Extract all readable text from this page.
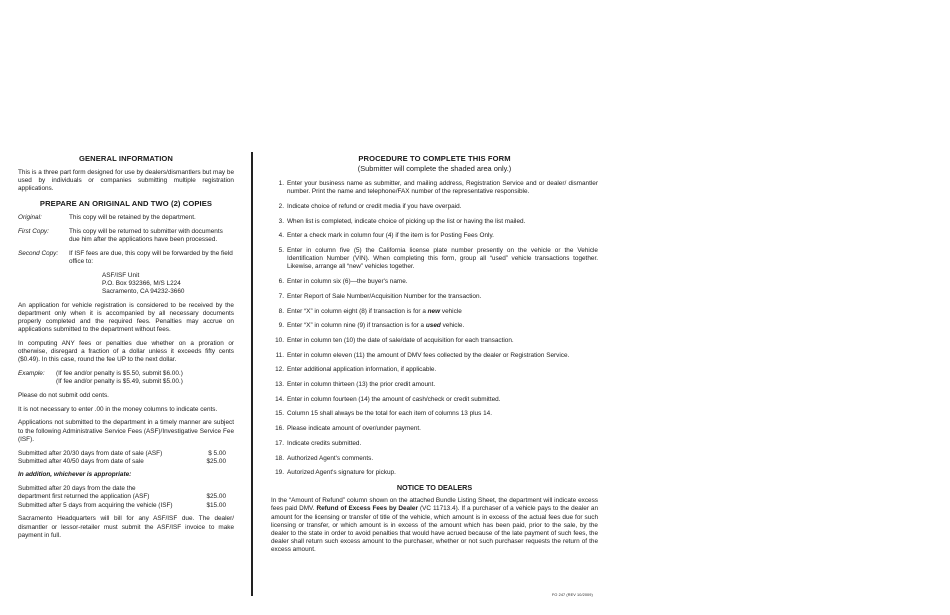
GENERAL INFORMATION

This is a three part form designed for use by dealers/dismantlers but may be used by individuals or companies submitting multiple registration applications.

PREPARE AN ORIGINAL AND TWO (2) COPIES
Original:	This copy will be retained by the department.
First Copy:	This copy will be returned to submitter with documents due him after the applications have been processed.
Second Copy:	If ISF fees are due, this copy will be forwarded by the field office to:
ASF/ISF Unit
P.O. Box 932366, M/S L224
Sacramento, CA 94232-3660

An application for vehicle registration is considered to be received by the department only when it is accompanied by all necessary documents properly completed and the required fees. Penalties may accrue on applications submitted to the department without fees.

In computing ANY fees or penalties due whether on a proration or otherwise, disregard a fraction of a dollar unless it exceeds fifty cents ($0.49). In this case, round the fee UP to the next dollar.

Example:	(If fee and/or penalty is $5.50, submit $6.00.)
(If fee and/or penalty is $5.49, submit $5.00.)

Please do not submit odd cents.

It is not necessary to enter .00 in the money columns to indicate cents.

Applications not submitted to the department in a timely manner are subject to the following Administrative Service Fees (ASF)/Investigative Service Fee (ISF).

Submitted after 20/30 days from date of sale (ASF)	$ 5.00
Submitted after 40/50 days from date of sale	$25.00
In addition, whichever is appropriate:
Submitted after 20 days from the date the
department first returned the application (ASF)	$25.00
Submitted after 5 days from acquiring the vehicle (ISF)	$15.00

Sacramento Headquarters will bill for any ASF/ISF due. The dealer/ dismantler or lessor-retailer must submit the ASF/ISF invoice to make payment in full.

PROCEDURE TO COMPLETE THIS FORM
(Submitter will complete the shaded area only.)
1. Enter your business name as submitter, and mailing address, Registration Service and or dealer/ dismantler number. Print the name and telephone/FAX number of the representative responsible.
2. Indicate choice of refund or credit media if you have overpaid.
3. When list is completed, indicate choice of picking up the list or having the list mailed.
4. Enter a check mark in column four (4) if the item is for Posting Fees Only.
5. Enter in column five (5) the California license plate number presently on the vehicle or the Vehicle Identification Number (VIN). When completing this form, group all “used” vehicle transactions together. Likewise, arrange all “new” vehicles together.
6. Enter in column six (6)—the buyer's name.
7. Enter Report of Sale Number/Acquisition Number for the transaction.
8. Enter “X” in column eight (8) if transaction is for a new vehicle
9. Enter “X” in column nine (9) if transaction is for a used vehicle.
10. Enter in column ten (10) the date of sale/date of acquisition for each transaction.
11. Enter in column eleven (11) the amount of DMV fees collected by the dealer or Registration Service.
12. Enter additional application information, if applicable.
13. Enter in column thirteen (13) the prior credit amount.
14. Enter in column fourteen (14) the amount of cash/check or credit submitted.
15. Column 15 shall always be the total for each item of columns 13 plus 14.
16. Please indicate amount of over/under payment.
17. Indicate credits submitted.
18. Authorized Agent's comments.
19. Autorized Agent's signature for pickup.
NOTICE TO DEALERS

In the “Amount of Refund” column shown on the attached Bundle Listing Sheet, the department will indicate excess fees paid DMV. Refund of Excess Fees by Dealer (VC 11713.4). If a purchaser of a vehicle pays to the dealer an amount for the licensing or transfer of title of the vehicle, which amount is in excess of the actual fees due for such licensing or transfer, or which amount is in excess of the amount which has been paid, prior to the sale, by the dealer to the state in order to avoid penalties that would have acrued because of the late payment of such fees, the dealer shall return such excess amount to the purchaser, whether or not such purchaser requests the return of the excess amount.

FO 247 (REV 10/2009)
